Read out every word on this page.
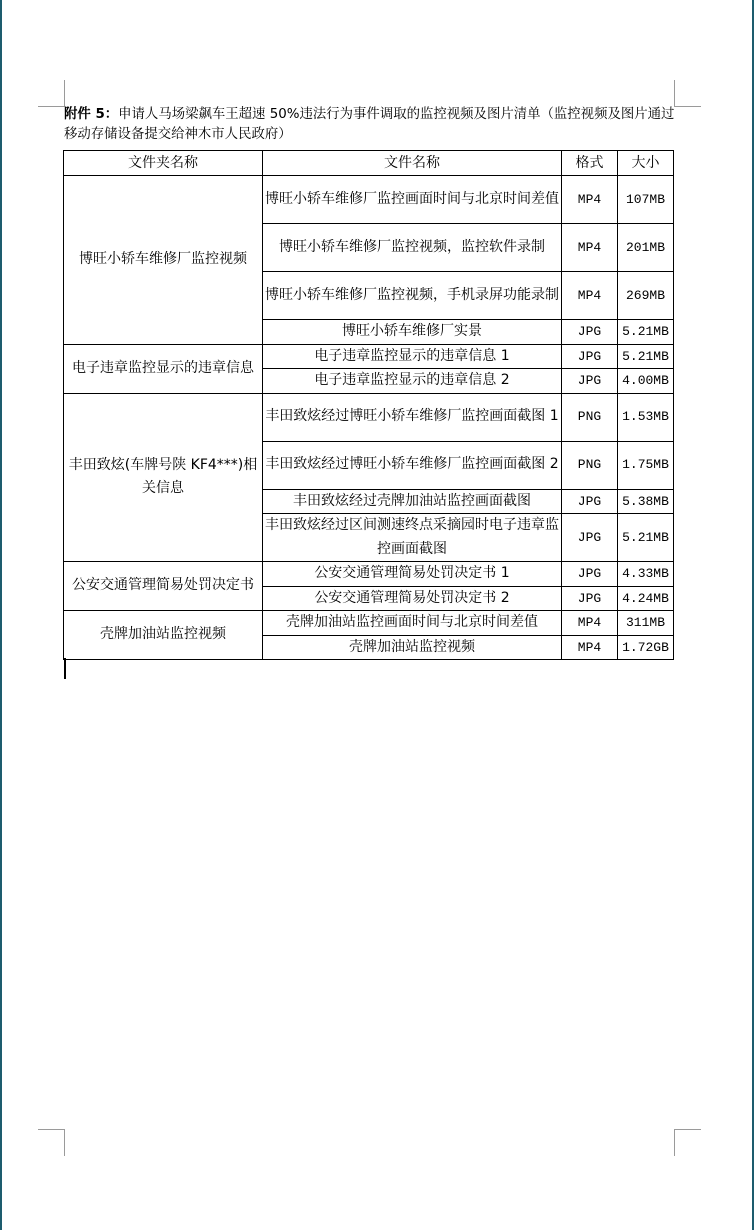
附件 5：申请人马场梁飙车王超速 50%违法行为事件调取的监控视频及图片清单（监控视频及图片通过移动存储设备提交给神木市人民政府）
文件夹名称	文件名称	格式	大小
博旺小轿车维修厂监控视频	博旺小轿车维修厂监控画面时间与北京时间差值	MP4	107MB
	博旺小轿车维修厂监控视频，监控软件录制	MP4	201MB
	博旺小轿车维修厂监控视频，手机录屏功能录制	MP4	269MB
	博旺小轿车维修厂实景	JPG	5.21MB
电子违章监控显示的违章信息	电子违章监控显示的违章信息 1	JPG	5.21MB
	电子违章监控显示的违章信息 2	JPG	4.00MB
丰田致炫(车牌号陕 KF4***)相关信息	丰田致炫经过博旺小轿车维修厂监控画面截图 1	PNG	1.53MB
	丰田致炫经过博旺小轿车维修厂监控画面截图 2	PNG	1.75MB
	丰田致炫经过壳牌加油站监控画面截图	JPG	5.38MB
	丰田致炫经过区间测速终点采摘园时电子违章监控画面截图	JPG	5.21MB
公安交通管理简易处罚决定书	公安交通管理简易处罚决定书 1	JPG	4.33MB
	公安交通管理简易处罚决定书 2	JPG	4.24MB
壳牌加油站监控视频	壳牌加油站监控画面时间与北京时间差值	MP4	311MB
	壳牌加油站监控视频	MP4	1.72GB
